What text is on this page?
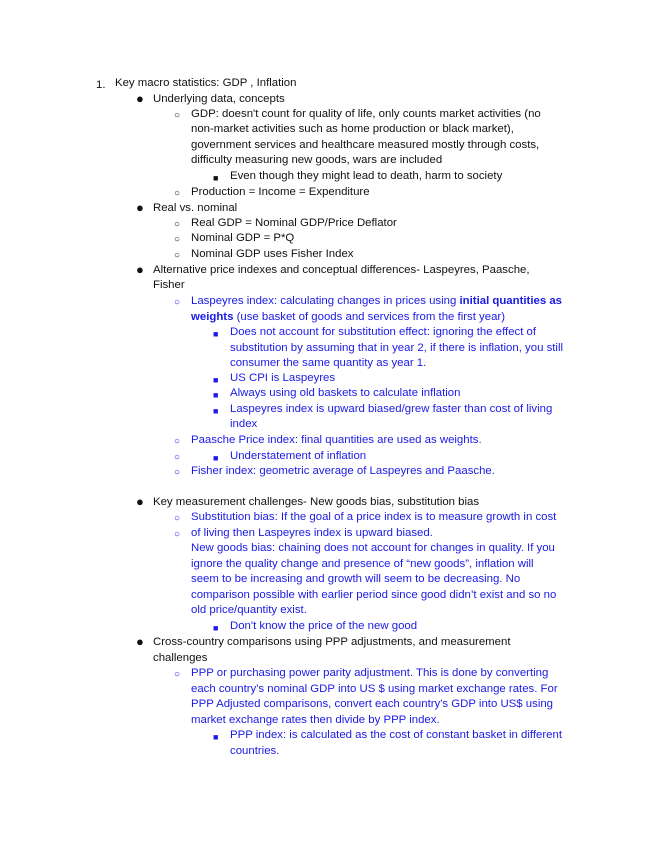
1. Key macro statistics: GDP , Inflation
● Underlying data, concepts
○ GDP: doesn't count for quality of life, only counts market activities (no
non-market activities such as home production or black market),
government services and healthcare measured mostly through costs,
difficulty measuring new goods, wars are included
■ Even though they might lead to death, harm to society
○ Production = Income = Expenditure
● Real vs. nominal
○ Real GDP = Nominal GDP/Price Deflator
○ Nominal GDP = P*Q
○ Nominal GDP uses Fisher Index
● Alternative price indexes and conceptual differences- Laspeyres, Paasche,
Fisher
○ Laspeyres index: calculating changes in prices using initial quantities as
weights (use basket of goods and services from the first year)
■ Does not account for substitution effect: ignoring the effect of
substitution by assuming that in year 2, if there is inflation, you still
consumer the same quantity as year 1.
■ US CPI is Laspeyres
■ Always using old baskets to calculate inflation
■ Laspeyres index is upward biased/grew faster than cost of living
index
○ Paasche Price index: final quantities are used as weights.
○	■ Understatement of inflation
○ Fisher index: geometric average of Laspeyres and Paasche.
● Key measurement challenges- New goods bias, substitution bias
○ Substitution bias: If the goal of a price index is to measure growth in cost
○ of living then Laspeyres index is upward biased.
New goods bias: chaining does not account for changes in quality. If you
ignore the quality change and presence of “new goods”, inflation will
seem to be increasing and growth will seem to be decreasing. No
comparison possible with earlier period since good didn’t exist and so no
old price/quantity exist.
■ Don't know the price of the new good
● Cross-country comparisons using PPP adjustments, and measurement
challenges
○ PPP or purchasing power parity adjustment. This is done by converting
each country's nominal GDP into US $ using market exchange rates. For
PPP Adjusted comparisons, convert each country's GDP into US$ using
market exchange rates then divide by PPP index.
■ PPP index: is calculated as the cost of constant basket in different
countries.
